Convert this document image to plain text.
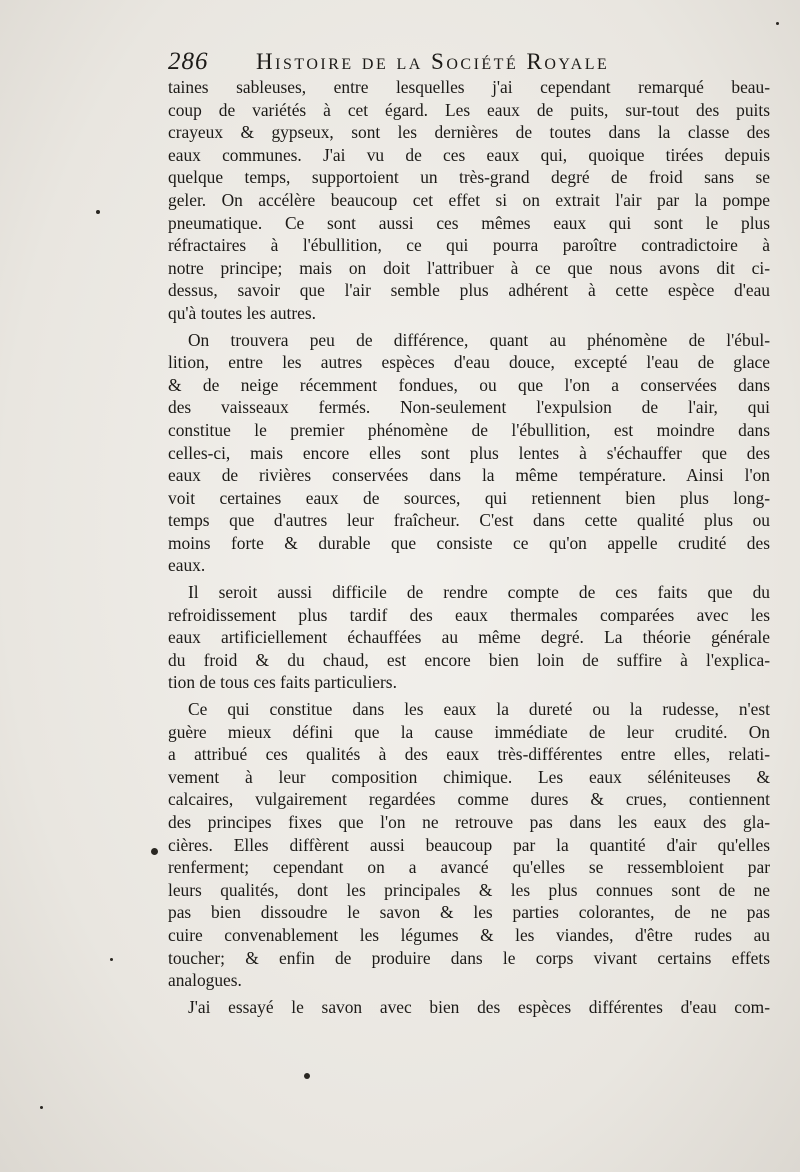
286 Histoire de la Société Royale
taines sableuses, entre lesquelles j'ai cependant remarqué beau-
coup de variétés à cet égard. Les eaux de puits, sur-tout des puits
crayeux & gypseux, sont les dernières de toutes dans la classe des
eaux communes. J'ai vu de ces eaux qui, quoique tirées depuis
quelque temps, supportoient un très-grand degré de froid sans se
geler. On accélère beaucoup cet effet si on extrait l'air par la pompe
pneumatique. Ce sont aussi ces mêmes eaux qui sont le plus
réfractaires à l'ébullition, ce qui pourra paroître contradictoire à
notre principe; mais on doit l'attribuer à ce que nous avons dit ci-
dessus, savoir que l'air semble plus adhérent à cette espèce d'eau
qu'à toutes les autres.
On trouvera peu de différence, quant au phénomène de l'ébul-
lition, entre les autres espèces d'eau douce, excepté l'eau de glace
& de neige récemment fondues, ou que l'on a conservées dans
des vaisseaux fermés. Non-seulement l'expulsion de l'air, qui
constitue le premier phénomène de l'ébullition, est moindre dans
celles-ci, mais encore elles sont plus lentes à s'échauffer que des
eaux de rivières conservées dans la même température. Ainsi l'on
voit certaines eaux de sources, qui retiennent bien plus long-
temps que d'autres leur fraîcheur. C'est dans cette qualité plus ou
moins forte & durable que consiste ce qu'on appelle crudité des
eaux.
Il seroit aussi difficile de rendre compte de ces faits que du
refroidissement plus tardif des eaux thermales comparées avec les
eaux artificiellement échauffées au même degré. La théorie générale
du froid & du chaud, est encore bien loin de suffire à l'explica-
tion de tous ces faits particuliers.
Ce qui constitue dans les eaux la dureté ou la rudesse, n'est
guère mieux défini que la cause immédiate de leur crudité. On
a attribué ces qualités à des eaux très-différentes entre elles, relati-
vement à leur composition chimique. Les eaux séléniteuses &
calcaires, vulgairement regardées comme dures & crues, contiennent
des principes fixes que l'on ne retrouve pas dans les eaux des gla-
cières. Elles diffèrent aussi beaucoup par la quantité d'air qu'elles
renferment; cependant on a avancé qu'elles se ressembloient par
leurs qualités, dont les principales & les plus connues sont de ne
pas bien dissoudre le savon & les parties colorantes, de ne pas
cuire convenablement les légumes & les viandes, d'être rudes au
toucher; & enfin de produire dans le corps vivant certains effets
analogues.
J'ai essayé le savon avec bien des espèces différentes d'eau com-
